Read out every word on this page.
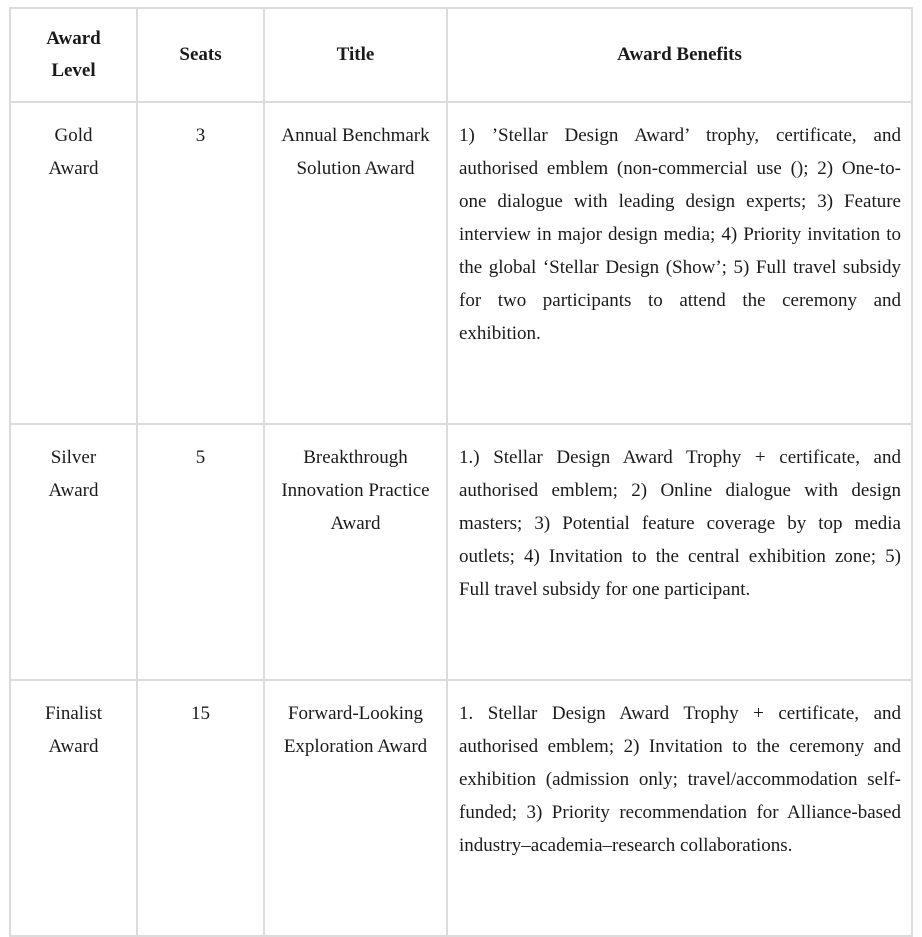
Award Level	Seats	Title	Award Benefits
Gold Award	3	Annual Benchmark Solution Award	1) ’Stellar Design Award’ trophy, certificate, and authorised emblem (non-commercial use (); 2) One-to-one dialogue with leading design experts; 3) Feature interview in major design media; 4) Priority invitation to the global ‘Stellar Design (Show’; 5) Full travel subsidy for two participants to attend the ceremony and exhibition.
Silver Award	5	Breakthrough Innovation Practice Award	1.) Stellar Design Award Trophy + certificate, and authorised emblem; 2) Online dialogue with design masters; 3) Potential feature coverage by top media outlets; 4) Invitation to the central exhibition zone; 5) Full travel subsidy for one participant.
Finalist Award	15	Forward-Looking Exploration Award	1. Stellar Design Award Trophy + certificate, and authorised emblem; 2) Invitation to the ceremony and exhibition (admission only; travel/accommodation self-funded; 3) Priority recommendation for Alliance-based industry–academia–research collaborations.
